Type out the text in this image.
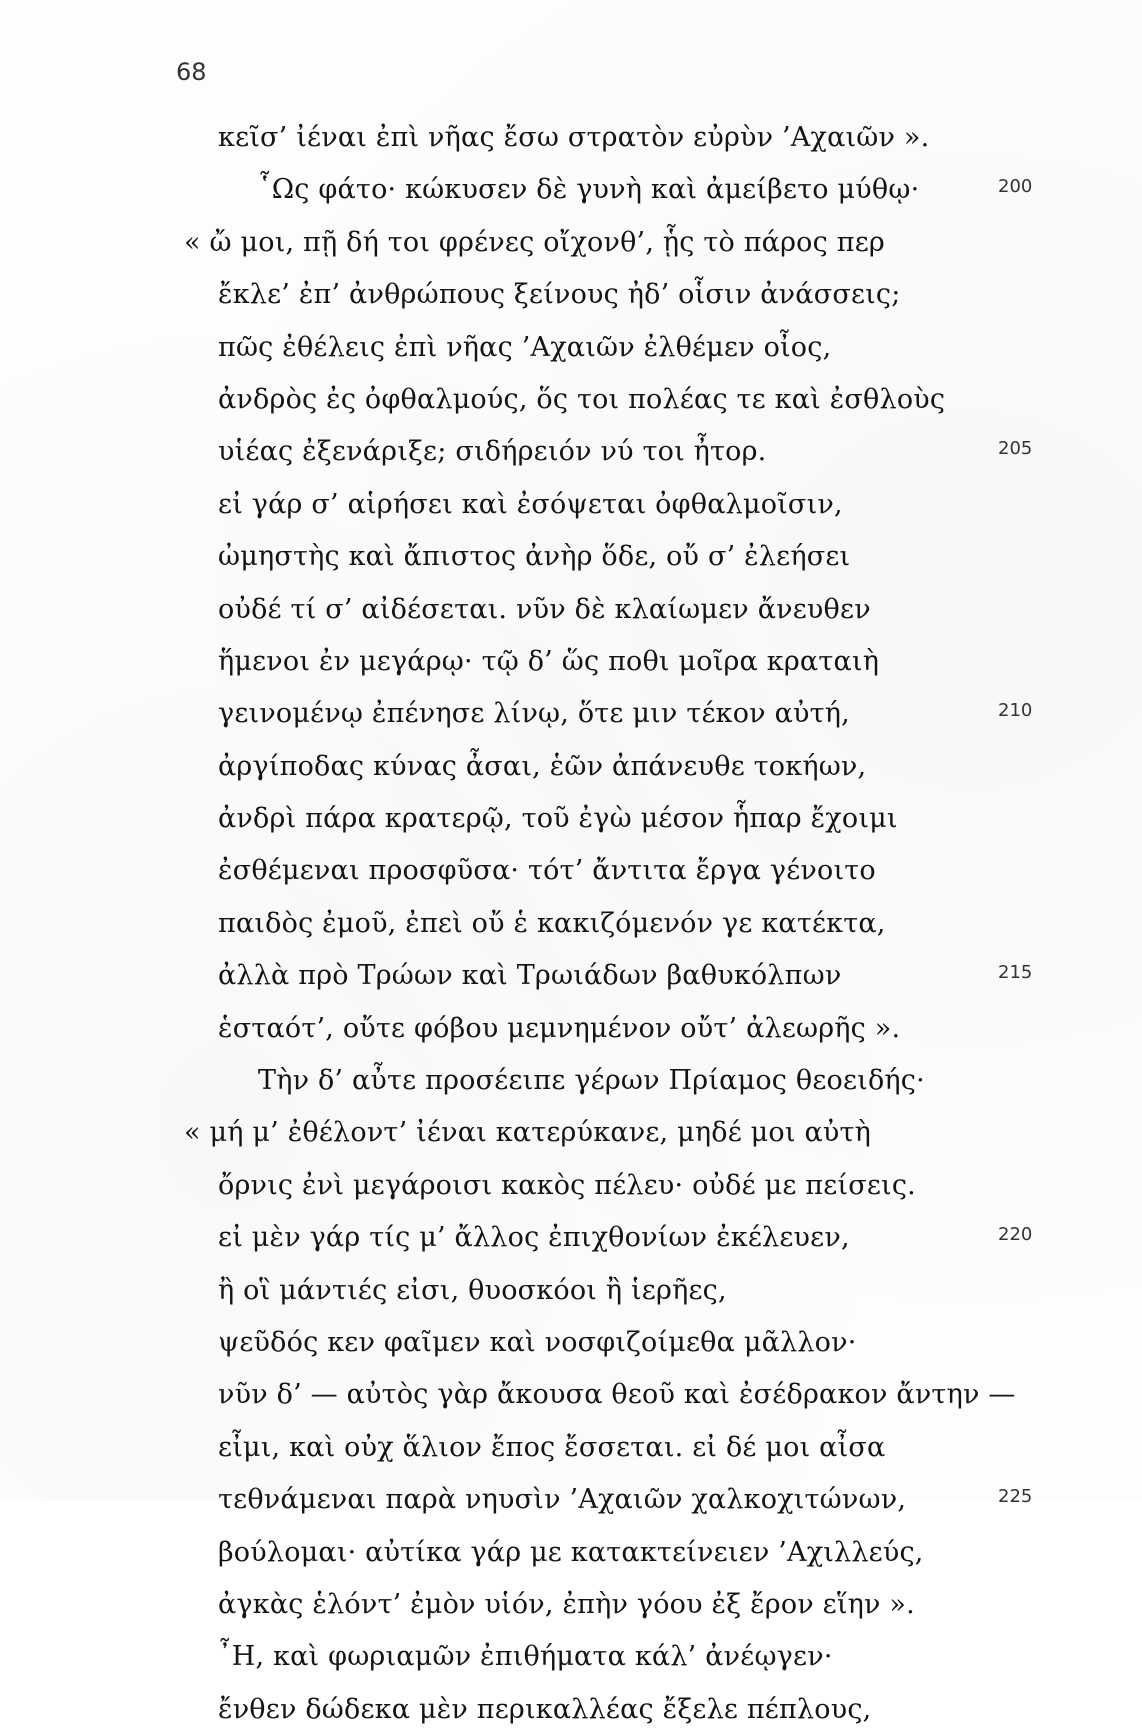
68
κεῖσ’ ἰέναι ἐπὶ νῆας ἔσω στρατὸν εὐρὺν ’Αχαιῶν ».
῟Ως φάτο· κώκυσεν δὲ γυνὴ καὶ ἀμείβετο μύθῳ·	200
« ὤ μοι, πῇ δή τοι φρένες οἴχονθ’, ᾗς τὸ πάρος περ
ἔκλε’ ἐπ’ ἀνθρώπους ξείνους ἠδ’ οἷσιν ἀνάσσεις;
πῶς ἐθέλεις ἐπὶ νῆας ’Αχαιῶν ἐλθέμεν οἶος,
ἀνδρὸς ἐς ὀφθαλμούς, ὅς τοι πολέας τε καὶ ἐσθλοὺς
υἱέας ἐξενάριξε; σιδήρειόν νύ τοι ἦτορ.	205
εἰ γάρ σ’ αἱρήσει καὶ ἐσόψεται ὀφθαλμοῖσιν,
ὠμηστὴς καὶ ἄπιστος ἀνὴρ ὅδε, οὔ σ’ ἐλεήσει
οὐδέ τί σ’ αἰδέσεται. νῦν δὲ κλαίωμεν ἄνευθεν
ἥμενοι ἐν μεγάρῳ· τῷ δ’ ὥς ποθι μοῖρα κραταιὴ
γεινομένῳ ἐπένησε λίνῳ, ὅτε μιν τέκον αὐτή,	210
ἀργίποδας κύνας ἆσαι, ἑῶν ἀπάνευθε τοκήων,
ἀνδρὶ πάρα κρατερῷ, τοῦ ἐγὼ μέσον ἧπαρ ἔχοιμι
ἐσθέμεναι προσφῦσα· τότ’ ἄντιτα ἔργα γένοιτο
παιδὸς ἐμοῦ, ἐπεὶ οὔ ἑ κακιζόμενόν γε κατέκτα,
ἀλλὰ πρὸ Τρώων καὶ Τρωιάδων βαθυκόλπων	215
ἑσταότ’, οὔτε φόβου μεμνημένον οὔτ’ ἀλεωρῆς ».
Τὴν δ’ αὖτε προσέειπε γέρων Πρίαμος θεοειδής·
« μή μ’ ἐθέλοντ’ ἰέναι κατερύκανε, μηδέ μοι αὐτὴ
ὄρνις ἐνὶ μεγάροισι κακὸς πέλευ· οὐδέ με πείσεις.
εἰ μὲν γάρ τίς μ’ ἄλλος ἐπιχθονίων ἐκέλευεν,	220
ἢ οἳ μάντιές εἰσι, θυοσκόοι ἢ ἱερῆες,
ψεῦδός κεν φαῖμεν καὶ νοσφιζοίμεθα μᾶλλον·
νῦν δ’ — αὐτὸς γὰρ ἄκουσα θεοῦ καὶ ἐσέδρακον ἄντην —
εἶμι, καὶ οὐχ ἅλιον ἔπος ἔσσεται. εἰ δέ μοι αἶσα
τεθνάμεναι παρὰ νηυσὶν ’Αχαιῶν χαλκοχιτώνων,	225
βούλομαι· αὐτίκα γάρ με κατακτείνειεν ’Αχιλλεύς,
ἀγκὰς ἑλόντ’ ἐμὸν υἱόν, ἐπὴν γόου ἐξ ἔρον εἵην ».
῏Η, καὶ φωριαμῶν ἐπιθήματα κάλ’ ἀνέῳγεν·
ἔνθεν δώδεκα μὲν περικαλλέας ἔξελε πέπλους,
